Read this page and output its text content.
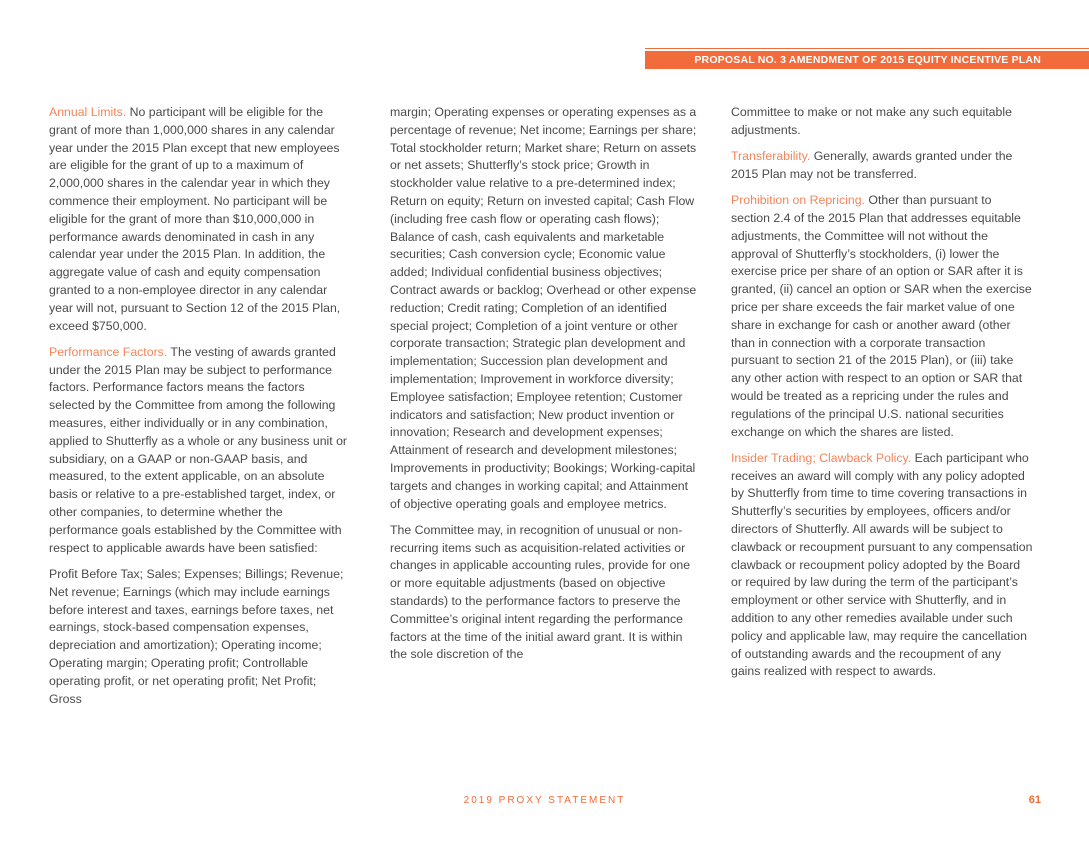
PROPOSAL NO. 3 AMENDMENT OF 2015 EQUITY INCENTIVE PLAN

Annual Limits. No participant will be eligible for the grant of more than 1,000,000 shares in any calendar year under the 2015 Plan except that new employees are eligible for the grant of up to a maximum of 2,000,000 shares in the calendar year in which they commence their employment. No participant will be eligible for the grant of more than $10,000,000 in performance awards denominated in cash in any calendar year under the 2015 Plan. In addition, the aggregate value of cash and equity compensation granted to a non-employee director in any calendar year will not, pursuant to Section 12 of the 2015 Plan, exceed $750,000.

Performance Factors. The vesting of awards granted under the 2015 Plan may be subject to performance factors. Performance factors means the factors selected by the Committee from among the following measures, either individually or in any combination, applied to Shutterfly as a whole or any business unit or subsidiary, on a GAAP or non-GAAP basis, and measured, to the extent applicable, on an absolute basis or relative to a pre-established target, index, or other companies, to determine whether the performance goals established by the Committee with respect to applicable awards have been satisfied:

Profit Before Tax; Sales; Expenses; Billings; Revenue; Net revenue; Earnings (which may include earnings before interest and taxes, earnings before taxes, net earnings, stock-based compensation expenses, depreciation and amortization); Operating income; Operating margin; Operating profit; Controllable operating profit, or net operating profit; Net Profit; Gross

margin; Operating expenses or operating expenses as a percentage of revenue; Net income; Earnings per share; Total stockholder return; Market share; Return on assets or net assets; Shutterfly’s stock price; Growth in stockholder value relative to a pre-determined index; Return on equity; Return on invested capital; Cash Flow (including free cash flow or operating cash flows); Balance of cash, cash equivalents and marketable securities; Cash conversion cycle; Economic value added; Individual confidential business objectives; Contract awards or backlog; Overhead or other expense reduction; Credit rating; Completion of an identified special project; Completion of a joint venture or other corporate transaction; Strategic plan development and implementation; Succession plan development and implementation; Improvement in workforce diversity; Employee satisfaction; Employee retention; Customer indicators and satisfaction; New product invention or innovation; Research and development expenses; Attainment of research and development milestones; Improvements in productivity; Bookings; Working-capital targets and changes in working capital; and Attainment of objective operating goals and employee metrics.

The Committee may, in recognition of unusual or non-recurring items such as acquisition-related activities or changes in applicable accounting rules, provide for one or more equitable adjustments (based on objective standards) to the performance factors to preserve the Committee’s original intent regarding the performance factors at the time of the initial award grant. It is within the sole discretion of the

Committee to make or not make any such equitable adjustments.

Transferability. Generally, awards granted under the 2015 Plan may not be transferred.

Prohibition on Repricing. Other than pursuant to section 2.4 of the 2015 Plan that addresses equitable adjustments, the Committee will not without the approval of Shutterfly’s stockholders, (i) lower the exercise price per share of an option or SAR after it is granted, (ii) cancel an option or SAR when the exercise price per share exceeds the fair market value of one share in exchange for cash or another award (other than in connection with a corporate transaction pursuant to section 21 of the 2015 Plan), or (iii) take any other action with respect to an option or SAR that would be treated as a repricing under the rules and regulations of the principal U.S. national securities exchange on which the shares are listed.

Insider Trading; Clawback Policy. Each participant who receives an award will comply with any policy adopted by Shutterfly from time to time covering transactions in Shutterfly’s securities by employees, officers and/or directors of Shutterfly. All awards will be subject to clawback or recoupment pursuant to any compensation clawback or recoupment policy adopted by the Board or required by law during the term of the participant’s employment or other service with Shutterfly, and in addition to any other remedies available under such policy and applicable law, may require the cancellation of outstanding awards and the recoupment of any gains realized with respect to awards.

2019 PROXY STATEMENT	61
